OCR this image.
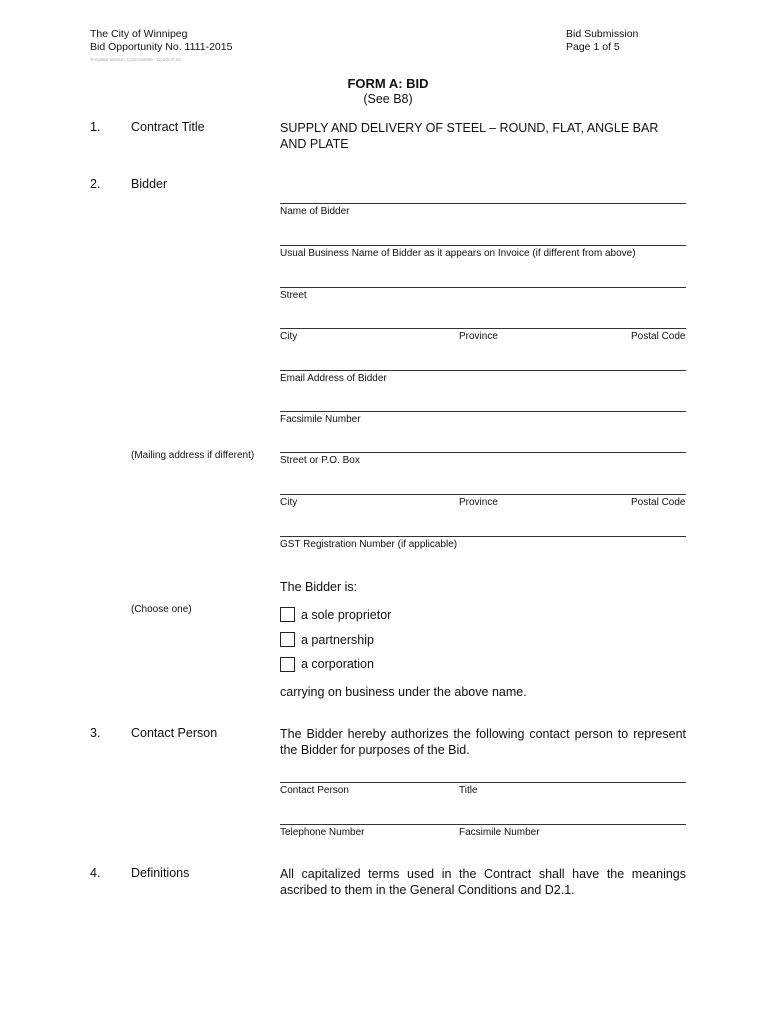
The City of Winnipeg
Bid Opportunity No. 1111-2015
Template Version: C220150806 - Goods B SC
Bid Submission
Page 1 of 5
FORM A: BID
(See B8)
1. Contract Title	SUPPLY AND DELIVERY OF STEEL – ROUND, FLAT, ANGLE BAR
AND PLATE
2. Bidder
Name of Bidder
Usual Business Name of Bidder as it appears on Invoice (if different from above)
Street
City	Province	Postal Code
Email Address of Bidder
Facsimile Number
(Mailing address if different)	Street or P.O. Box
City	Province	Postal Code
GST Registration Number (if applicable)
The Bidder is:
(Choose one)	a sole proprietor
a partnership
a corporation
carrying on business under the above name.
3. Contact Person	The Bidder hereby authorizes the following contact person to represent the Bidder for purposes of the Bid.
Contact Person	Title
Telephone Number	Facsimile Number
4. Definitions	All capitalized terms used in the Contract shall have the meanings ascribed to them in the General Conditions and D2.1.
